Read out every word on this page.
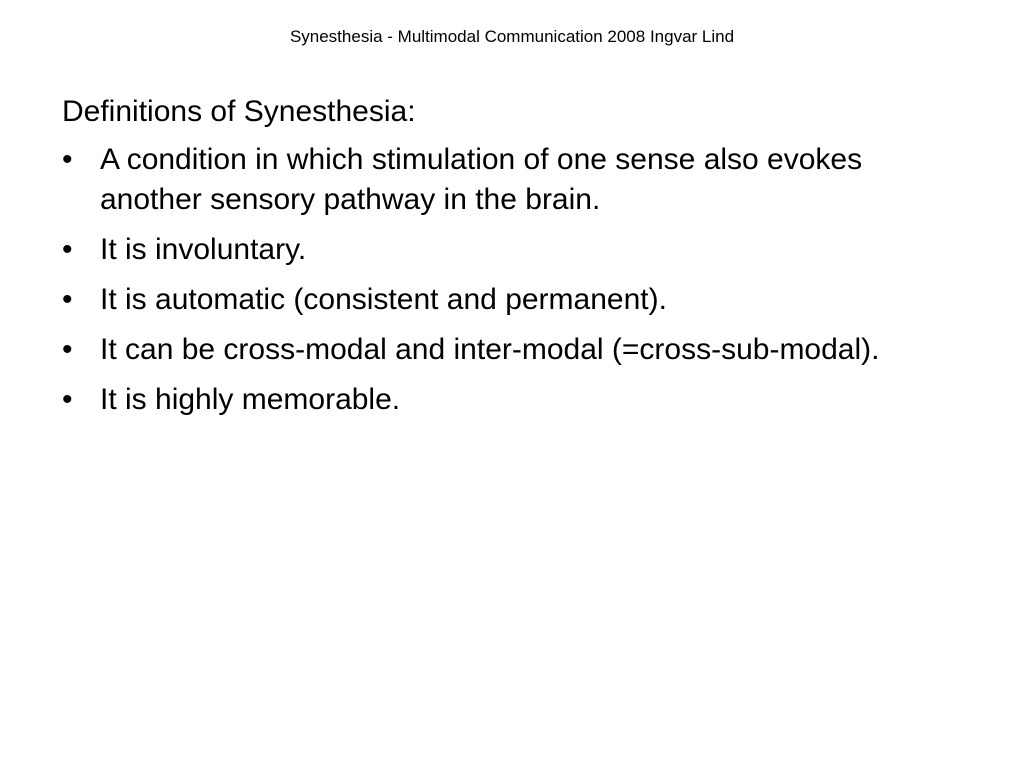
Synesthesia - Multimodal Communication 2008 Ingvar Lind

Definitions of Synesthesia:

• A condition in which stimulation of one sense also evokes another sensory pathway in the brain.
• It is involuntary.
• It is automatic (consistent and permanent).
• It can be cross-modal and inter-modal (=cross-sub-modal).
• It is highly memorable.
